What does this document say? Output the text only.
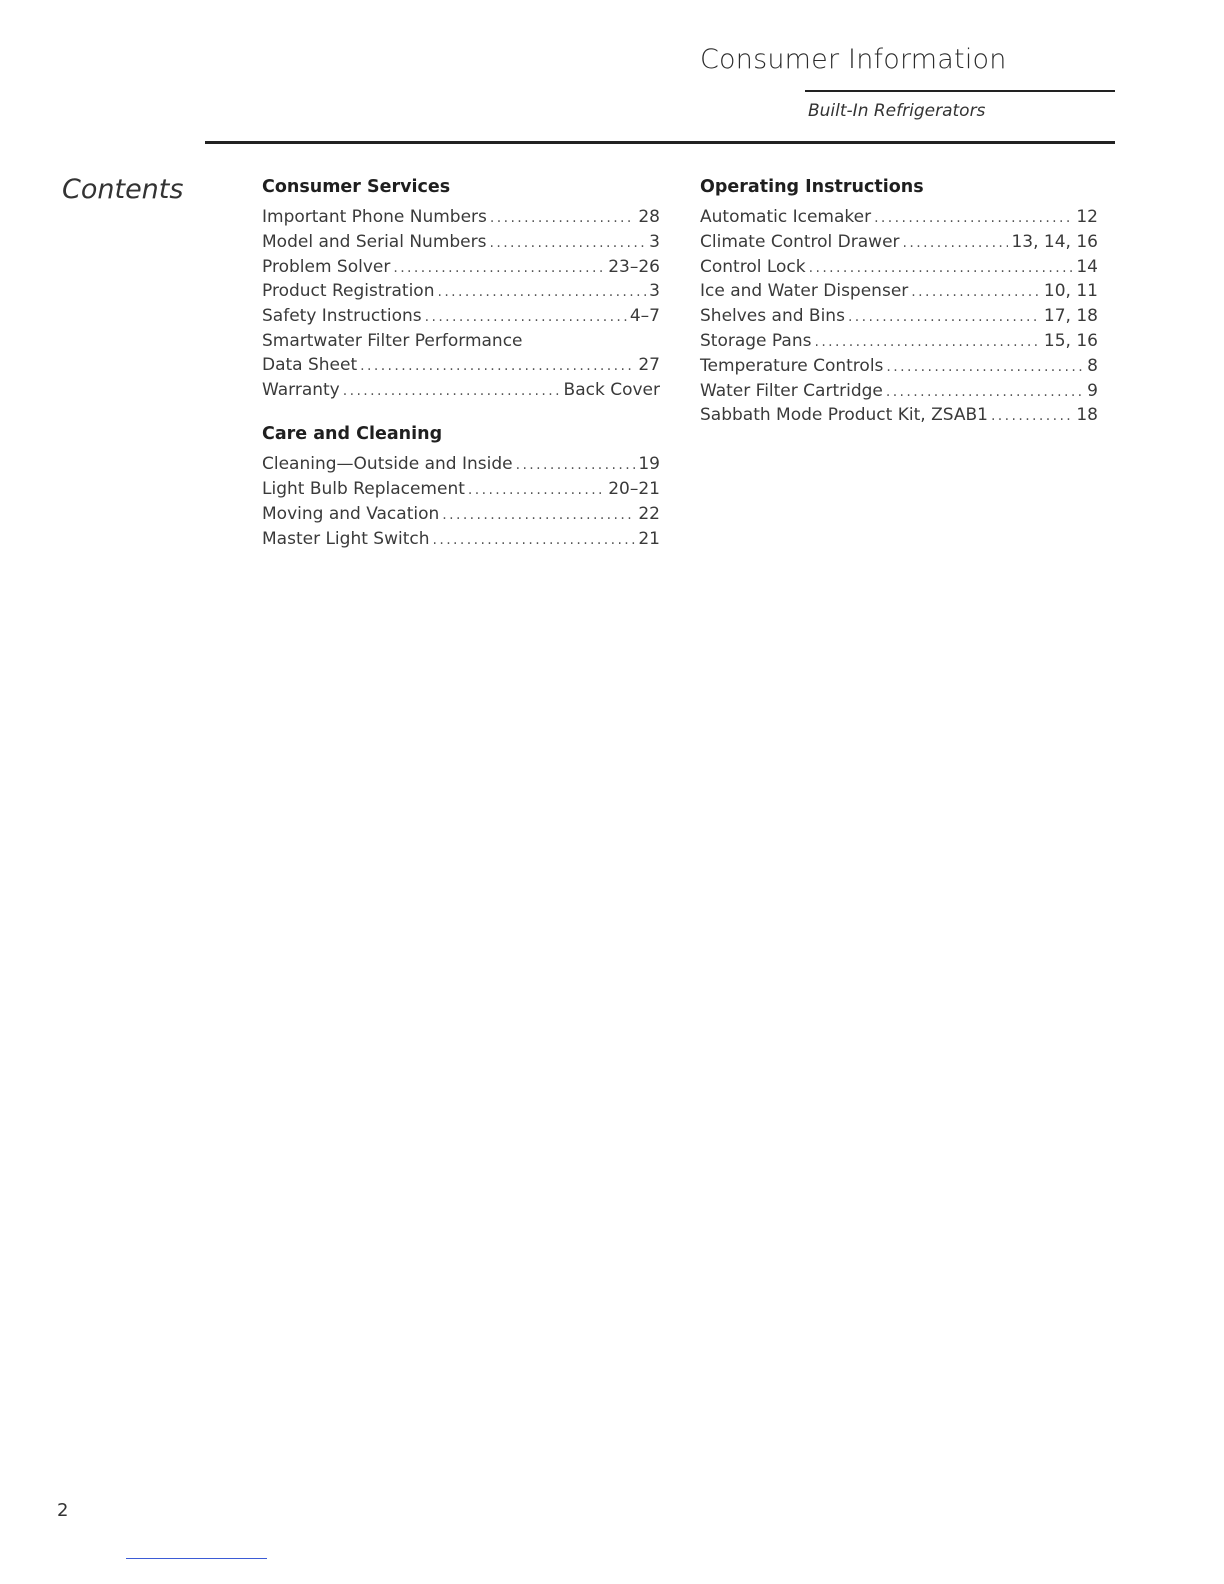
Consumer Information
Built-In Refrigerators
Contents	Consumer Services
Important Phone Numbers .....	28
Model and Serial Numbers .....	3
Problem Solver .....	23–26
Product Registration .....	3
Safety Instructions .....	4–7
Smartwater Filter Performance
Data Sheet .....	27
Warranty .....	Back Cover
Care and Cleaning
Cleaning—Outside and Inside .....	19
Light Bulb Replacement .....	20–21
Moving and Vacation .....	22
Master Light Switch .....	21
Operating Instructions
Automatic Icemaker .....	12
Climate Control Drawer .....	13, 14, 16
Control Lock .....	14
Ice and Water Dispenser .....	10, 11
Shelves and Bins .....	17, 18
Storage Pans .....	15, 16
Temperature Controls .....	8
Water Filter Cartridge .....	9
Sabbath Mode Product Kit, ZSAB1 .....	18
2
